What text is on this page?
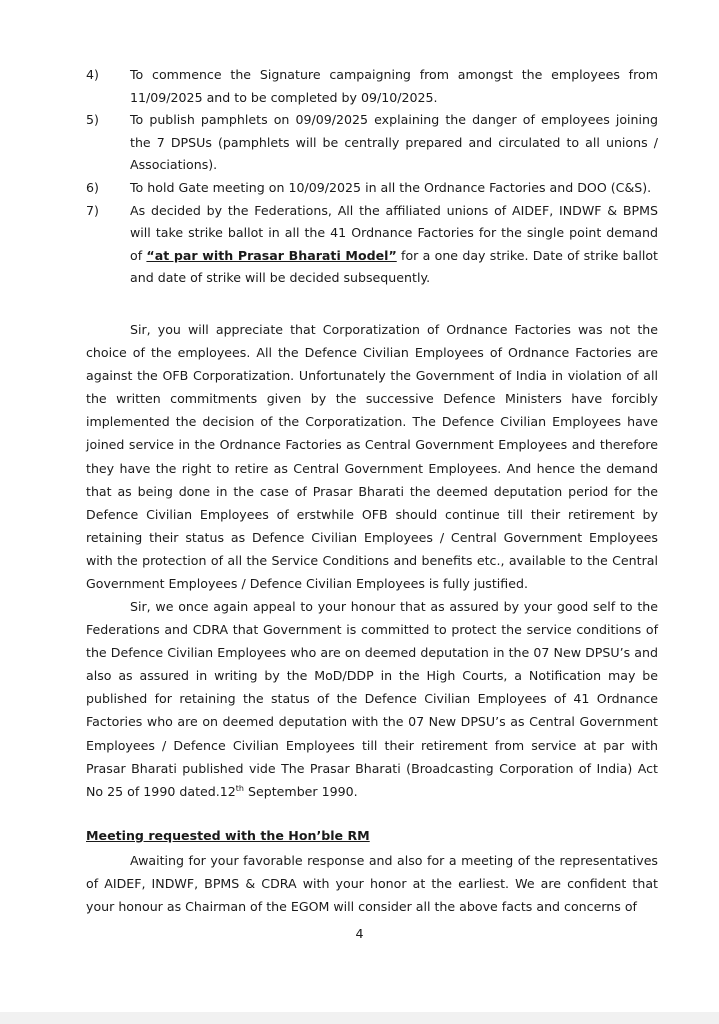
4)	To commence the Signature campaigning from amongst the employees from 11/09/2025 and to be completed by 09/10/2025.
5)	To publish pamphlets on 09/09/2025 explaining the danger of employees joining the 7 DPSUs (pamphlets will be centrally prepared and circulated to all unions / Associations).
6)	To hold Gate meeting on 10/09/2025 in all the Ordnance Factories and DOO (C&S).
7)	As decided by the Federations, All the affiliated unions of AIDEF, INDWF & BPMS will take strike ballot in all the 41 Ordnance Factories for the single point demand of “at par with Prasar Bharati Model” for a one day strike. Date of strike ballot and date of strike will be decided subsequently.

Sir, you will appreciate that Corporatization of Ordnance Factories was not the choice of the employees. All the Defence Civilian Employees of Ordnance Factories are against the OFB Corporatization. Unfortunately the Government of India in violation of all the written commitments given by the successive Defence Ministers have forcibly implemented the decision of the Corporatization. The Defence Civilian Employees have joined service in the Ordnance Factories as Central Government Employees and therefore they have the right to retire as Central Government Employees. And hence the demand that as being done in the case of Prasar Bharati the deemed deputation period for the Defence Civilian Employees of erstwhile OFB should continue till their retirement by retaining their status as Defence Civilian Employees / Central Government Employees with the protection of all the Service Conditions and benefits etc., available to the Central Government Employees / Defence Civilian Employees is fully justified.

Sir, we once again appeal to your honour that as assured by your good self to the Federations and CDRA that Government is committed to protect the service conditions of the Defence Civilian Employees who are on deemed deputation in the 07 New DPSU’s and also as assured in writing by the MoD/DDP in the High Courts, a Notification may be published for retaining the status of the Defence Civilian Employees of 41 Ordnance Factories who are on deemed deputation with the 07 New DPSU’s as Central Government Employees / Defence Civilian Employees till their retirement from service at par with Prasar Bharati published vide The Prasar Bharati (Broadcasting Corporation of India) Act No 25 of 1990 dated.12th September 1990.

Meeting requested with the Hon’ble RM

Awaiting for your favorable response and also for a meeting of the representatives of AIDEF, INDWF, BPMS & CDRA with your honor at the earliest. We are confident that your honour as Chairman of the EGOM will consider all the above facts and concerns of

4
